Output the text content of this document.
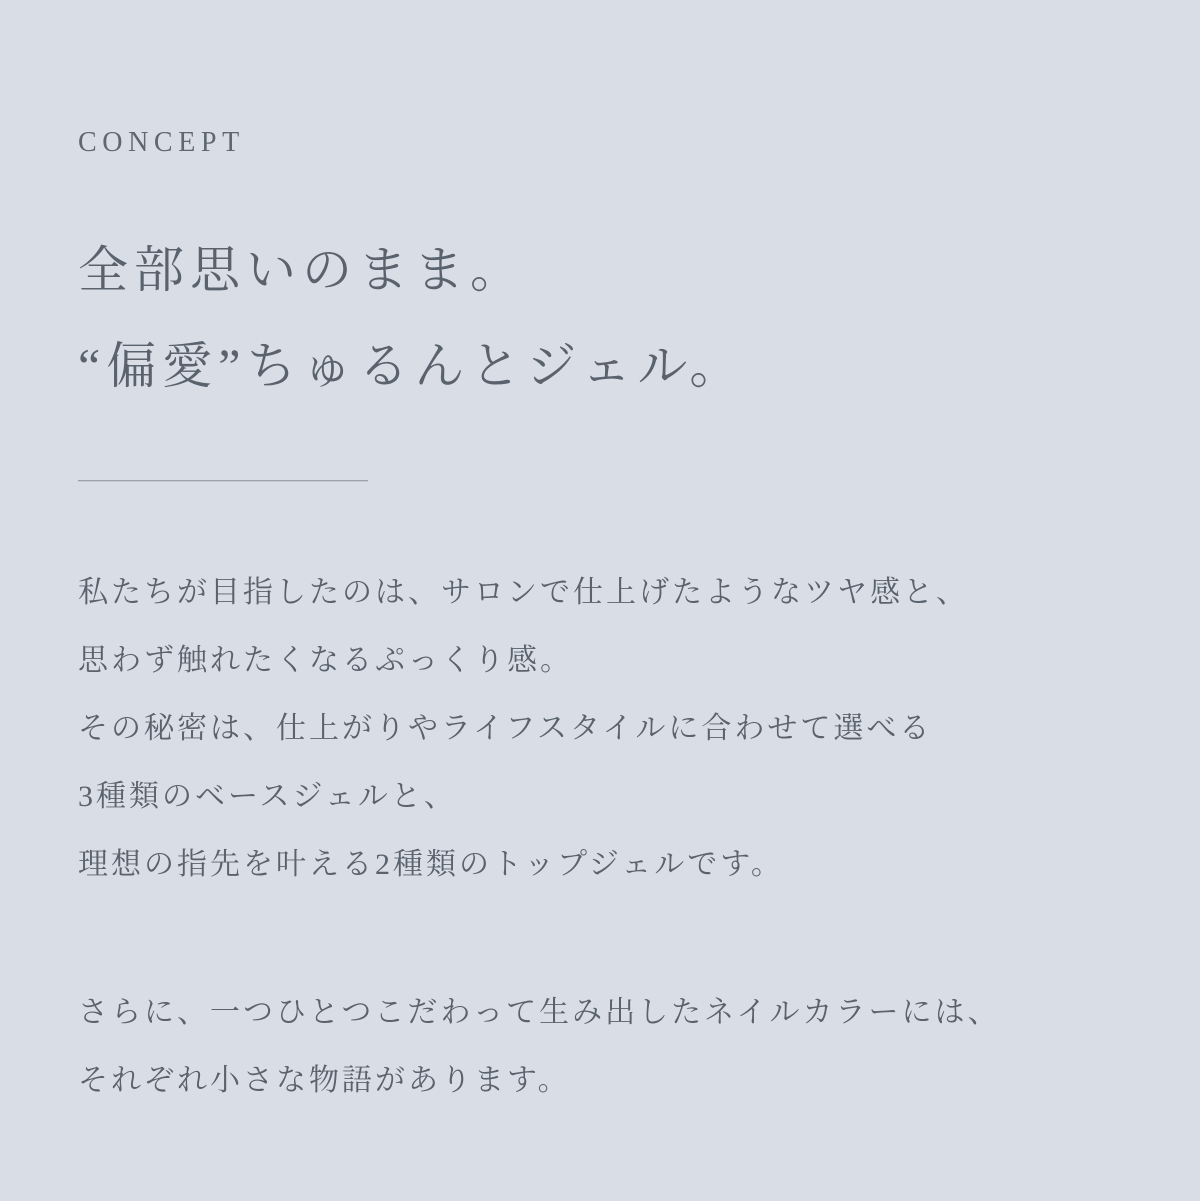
CONCEPT
全部思いのまま。
“偏愛”ちゅるんとジェル。

私たちが目指したのは、サロンで仕上げたようなツヤ感と、
思わず触れたくなるぷっくり感。
その秘密は、仕上がりやライフスタイルに合わせて選べる
3種類のベースジェルと、
理想の指先を叶える2種類のトップジェルです。

さらに、一つひとつこだわって生み出したネイルカラーには、
それぞれ小さな物語があります。
